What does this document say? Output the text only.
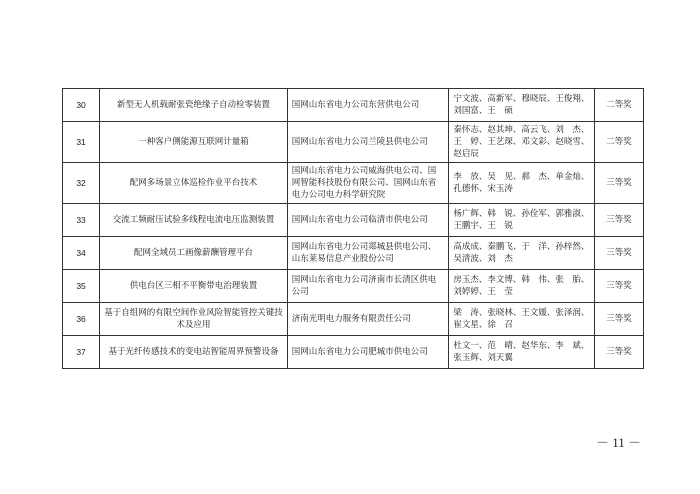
30	新型无人机载耐张瓷绝缘子自动检零装置	国网山东省电力公司东营供电公司	宁文波、高新军、穆晓辰、王俊翔、刘国富、王　硕	二等奖
31	一种客户侧能源互联网计量箱	国网山东省电力公司兰陵县供电公司	秦怀志、赵其坤、高云飞、刘　杰、王　婷、王艺琛、邓文彩、赵晓雪、赵启辰	二等奖
32	配网多场景立体巡检作业平台技术	国网山东省电力公司威海供电公司、国网智能科技股份有限公司、国网山东省电力公司电力科学研究院	李　放、吴　见、郝　杰、单金灿、孔德怀、宋玉涛	三等奖
33	交流工频耐压试验多线程电流电压监测装置	国网山东省电力公司临清市供电公司	杨广辉、韩　锐、孙佺军、郭雅淑、王鹏宇、王　锐	三等奖
34	配网全域员工画像薪酬管理平台	国网山东省电力公司郯城县供电公司、山东莱易信息产业股份公司	高成成、秦鹏飞、于　洋、孙梓然、吴清波、刘　杰	三等奖
35	供电台区三相不平衡带电治理装置	国网山东省电力公司济南市长清区供电公司	房玉杰、李文博、韩　伟、张　胎、刘婷婷、王　莹	三等奖
36	基于自组网的有限空间作业风险智能管控关键技术及应用	济南光明电力服务有限责任公司	梁　涛、张晓林、王文媛、张泽润、崔文星、徐　召	三等奖
37	基于光纤传感技术的变电站智能周界预警设备	国网山东省电力公司肥城市供电公司	杜文一、范　晴、赵华东、李　斌、张玉辉、刘天翼	三等奖
－ 11 －
